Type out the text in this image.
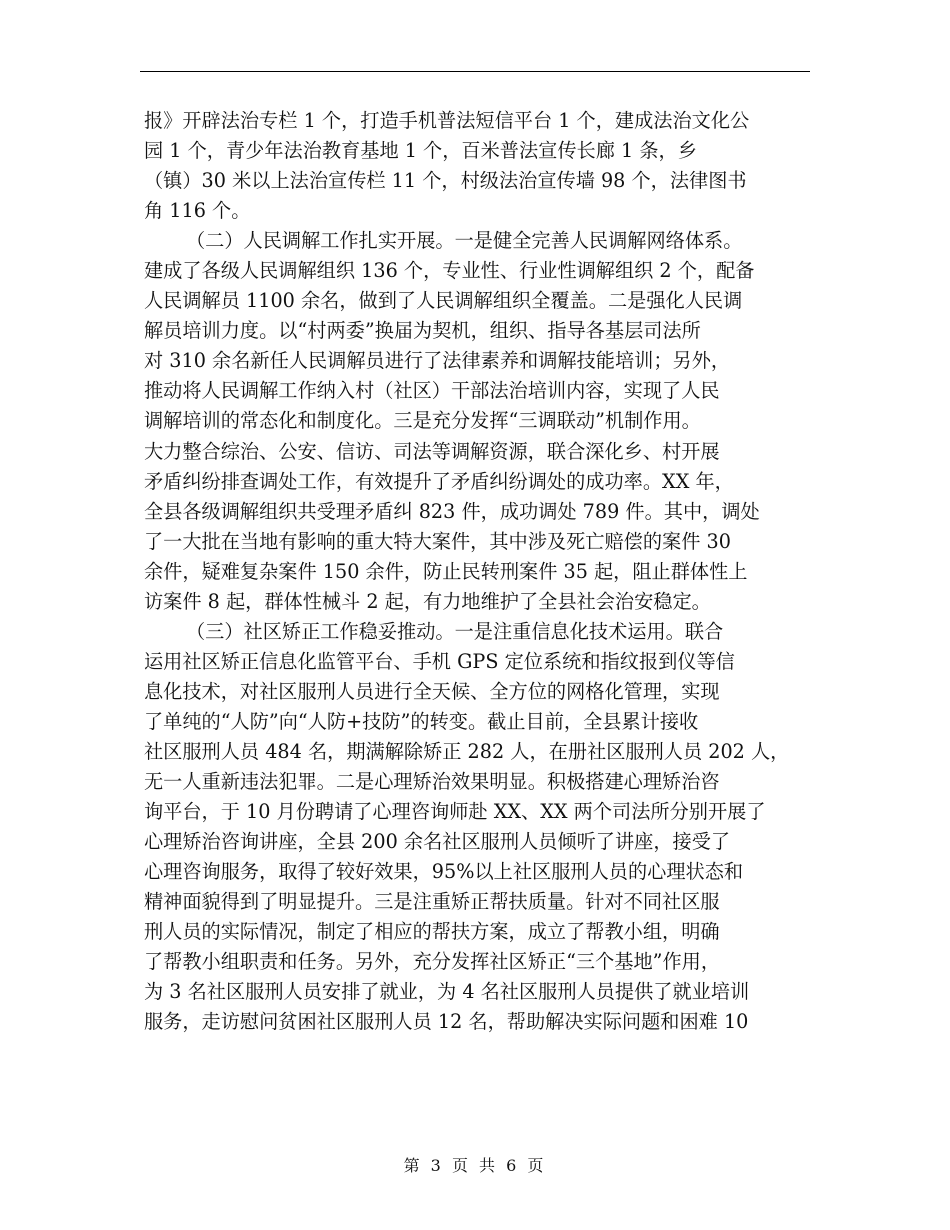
报》开辟法治专栏 1 个，打造手机普法短信平台 1 个，建成法治文化公
园 1 个，青少年法治教育基地 1 个，百米普法宣传长廊 1 条，乡
（镇）30 米以上法治宣传栏 11 个，村级法治宣传墙 98 个，法律图书
角 116 个。
（二）人民调解工作扎实开展。一是健全完善人民调解网络体系。
建成了各级人民调解组织 136 个，专业性、行业性调解组织 2 个，配备
人民调解员 1100 余名，做到了人民调解组织全覆盖。二是强化人民调
解员培训力度。以“村两委”换届为契机，组织、指导各基层司法所
对 310 余名新任人民调解员进行了法律素养和调解技能培训；另外，
推动将人民调解工作纳入村（社区）干部法治培训内容，实现了人民
调解培训的常态化和制度化。三是充分发挥“三调联动”机制作用。
大力整合综治、公安、信访、司法等调解资源，联合深化乡、村开展
矛盾纠纷排查调处工作，有效提升了矛盾纠纷调处的成功率。XX 年，
全县各级调解组织共受理矛盾纠 823 件，成功调处 789 件。其中，调处
了一大批在当地有影响的重大特大案件，其中涉及死亡赔偿的案件 30
余件，疑难复杂案件 150 余件，防止民转刑案件 35 起，阻止群体性上
访案件 8 起，群体性械斗 2 起，有力地维护了全县社会治安稳定。
（三）社区矫正工作稳妥推动。一是注重信息化技术运用。联合
运用社区矫正信息化监管平台、手机 GPS 定位系统和指纹报到仪等信
息化技术，对社区服刑人员进行全天候、全方位的网格化管理，实现
了单纯的“人防”向“人防+技防”的转变。截止目前，全县累计接收
社区服刑人员 484 名，期满解除矫正 282 人，在册社区服刑人员 202 人，
无一人重新违法犯罪。二是心理矫治效果明显。积极搭建心理矫治咨
询平台，于 10 月份聘请了心理咨询师赴 XX、XX 两个司法所分别开展了
心理矫治咨询讲座，全县 200 余名社区服刑人员倾听了讲座，接受了
心理咨询服务，取得了较好效果，95%以上社区服刑人员的心理状态和
精神面貌得到了明显提升。三是注重矫正帮扶质量。针对不同社区服
刑人员的实际情况，制定了相应的帮扶方案，成立了帮教小组，明确
了帮教小组职责和任务。另外，充分发挥社区矫正“三个基地”作用，
为 3 名社区服刑人员安排了就业，为 4 名社区服刑人员提供了就业培训
服务，走访慰问贫困社区服刑人员 12 名，帮助解决实际问题和困难 10
第 3 页 共 6 页
